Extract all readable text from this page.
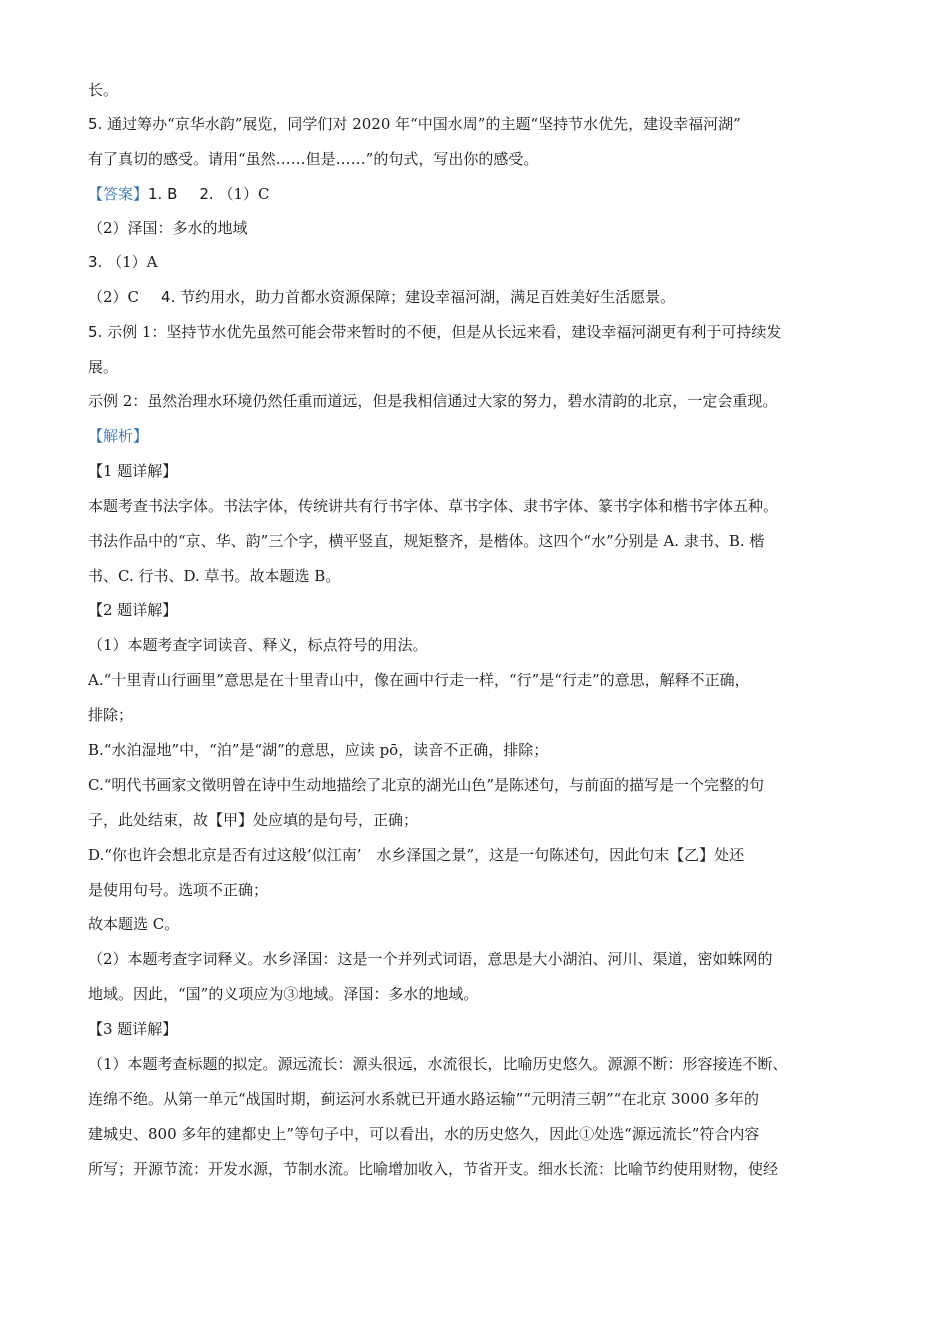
长。
5. 通过筹办“京华水韵”展览，同学们对 2020 年“中国水周”的主题“坚持节水优先，建设幸福河湖”
有了真切的感受。请用“虽然……但是……”的句式，写出你的感受。
【答案】1. B 2. （1）C
（2）泽国：多水的地域
3. （1）A
（2）C 4. 节约用水，助力首都水资源保障；建设幸福河湖，满足百姓美好生活愿景。
5. 示例 1：坚持节水优先虽然可能会带来暂时的不便，但是从长远来看，建设幸福河湖更有利于可持续发
展。
示例 2：虽然治理水环境仍然任重而道远，但是我相信通过大家的努力，碧水清韵的北京，一定会重现。
【解析】
【1 题详解】
本题考查书法字体。书法字体，传统讲共有行书字体、草书字体、隶书字体、篆书字体和楷书字体五种。
书法作品中的“京、华、韵”三个字，横平竖直，规矩整齐，是楷体。这四个“水”分别是 A. 隶书、B. 楷
书、C. 行书、D. 草书。故本题选 B。
【2 题详解】
（1）本题考查字词读音、释义，标点符号的用法。
A.“十里青山行画里”意思是在十里青山中，像在画中行走一样，“行”是“行走”的意思，解释不正确，
排除；
B.“水泊湿地”中，“泊”是“湖”的意思，应读 pō，读音不正确，排除；
C.“明代书画家文徵明曾在诗中生动地描绘了北京的湖光山色”是陈述句，与前面的描写是一个完整的句
子，此处结束，故【甲】处应填的是句号，正确；
D.“你也许会想北京是否有过这般‘似江南’　水乡泽国之景”，这是一句陈述句，因此句末【乙】处还
是使用句号。选项不正确；
故本题选 C。
（2）本题考查字词释义。水乡泽国：这是一个并列式词语，意思是大小湖泊、河川、渠道，密如蛛网的
地域。因此，“国”的义项应为③地域。泽国：多水的地域。
【3 题详解】
（1）本题考查标题的拟定。源远流长：源头很远，水流很长，比喻历史悠久。源源不断：形容接连不断、
连绵不绝。从第一单元“战国时期，蓟运河水系就已开通水路运输”“元明清三朝”“在北京 3000 多年的
建城史、800 多年的建都史上”等句子中，可以看出，水的历史悠久，因此①处选“源远流长”符合内容
所写；开源节流：开发水源，节制水流。比喻增加收入，节省开支。细水长流：比喻节约使用财物，使经
